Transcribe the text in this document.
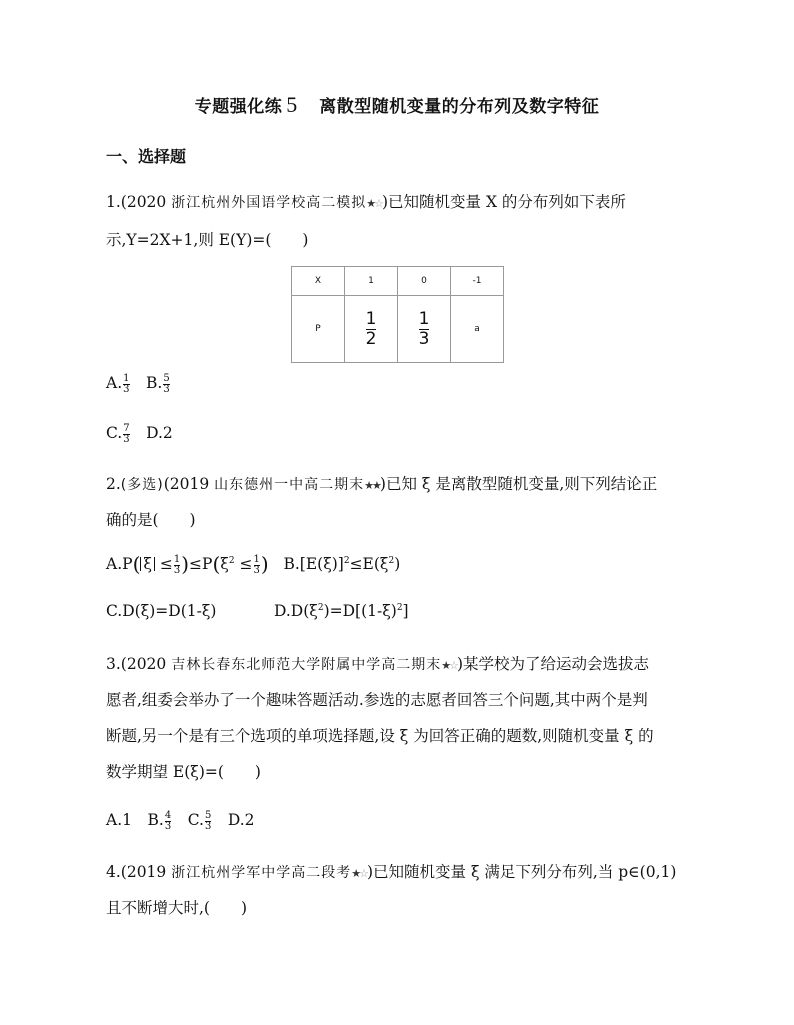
专题强化练 5　 离散型随机变量的分布列及数字特征
一、选择题
1.(2020 浙江杭州外国语学校高二模拟★☆)已知随机变量 X 的分布列如下表所
示,Y=2X+1,则 E(Y)=(　　)
X	1	0	-1
P	$\frac{1}{2}$	$\frac{1}{3}$	a
A. $\frac{1}{3}$
　 B. $\frac{5}{3}$
C. $\frac{7}{3}$
　 D.2
2.(多选)(2019 山东德州一中高二期末★★)已知 ξ 是离散型随机变量,则下列结论正
确的是(　　)
A.P( $\xi \le \frac{1}{3} )\le P(\xi^2 \le \frac{1}{3}$ ) $B.[E(\xi)]^2\le E(\xi^2)$
C.D(ξ)=D(1-ξ)	$D.D(\xi^2)=D[(1-\xi)^2]$
3.(2020 吉林长春东北师范大学附属中学高二期末★☆)某学校为了给运动会选拔志
愿者,组委会举办了一个趣味答题活动.参选的志愿者回答三个问题,其中两个是判
断题,另一个是有三个选项的单项选择题,设 ξ 为回答正确的题数,则随机变量 ξ 的
数学期望 E(ξ)=(　　)
A.1　 B. $\frac{4}{3}$
　 C. $\frac{5}{3}$
　 D.2
4.(2019 浙江杭州学军中学高二段考★☆)已知随机变量 ξ 满足下列分布列,当 p∈(0,1)
且不断增大时,(　　)
